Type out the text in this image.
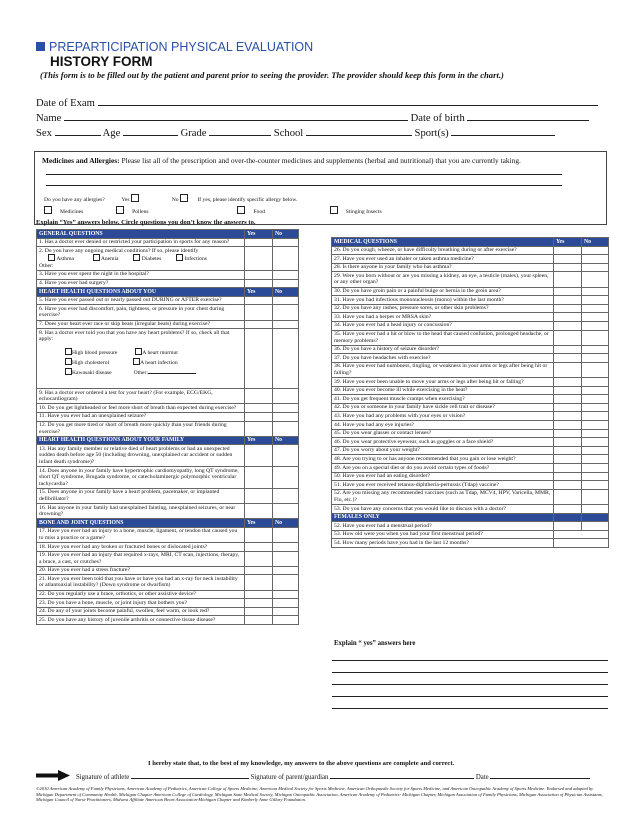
PREPARTICIPATION PHYSICAL EVALUATION
HISTORY FORM
(This form is to be filled out by the patient and parent prior to seeing the provider. The provider should keep this form in the chart.)
Date of Exam
Name	Date of birth
Sex	Age	Grade	School	Sport(s)
Medicines and Allergies: Please list all of the prescription and over-the-counter medicines and supplements (herbal and nutritional) that you are currently taking.
Do you have any allergies?	Yes	No	If yes, please identify specific allergy below.
Medicines	Pollens	Food	Stinging Insects
Explain “Yes” answers below. Circle questions you don’t know the answers to.
GENERAL QUESTIONS	Yes	No
1. Has a doctor ever denied or restricted your participation in sports for any reason?		

2. Do you have any ongoing medical conditions? If so, please identify
Asthma Anemia Diabetes Infections
Other:		

3. Have you ever spent the night in the hospital?		
4. Have you ever had surgery?		
HEART HEALTH QUESTIONS ABOUT YOU	Yes	No
5. Have you ever passed out or nearly passed out DURING or AFTER exercise?		
6. Have you ever had discomfort, pain, tightness, or pressure in your chest during exercise?		
7. Does your heart ever race or skip beats (irregular beats) during exercise?		

8. Has a doctor ever told you that you have any heart problems? If so, check all that apply:
High blood pressure A heart murmur
High cholesterol A heart infection
Kawasaki disease Other:		

9. Has a doctor ever ordered a test for your heart? (For example, ECG/EKG, echocardiogram)		
10. Do you get lightheaded or feel more short of breath than expected during exercise?		
11. Have you ever had an unexplained seizure?		
12. Do you get more tired or short of breath more quickly than your friends during exercise?		
HEART HEALTH QUESTIONS ABOUT YOUR FAMILY	Yes	No
13. Has any family member or relative died of heart problems or had an unexpected sudden death before age 50 (including drowning, unexplained car accident or sudden infant death syndrome)?		
14. Does anyone in your family have hypertrophic cardiomyopathy, long QT syndrome, short QT syndrome, Brugada syndrome, or catecholaminergic polymorphic ventricular tachycardia?		
15. Does anyone in your family have a heart problem, pacemaker, or implanted defibrillator?		
16. Has anyone in your family had unexplained fainting, unexplained seizures, or near drowning?		
BONE AND JOINT QUESTIONS	Yes	No
17. Have you ever had an injury to a bone, muscle, ligament, or tendon that caused you to miss a practice or a game?		
18. Have you ever had any broken or fractured bones or dislocated joints?		
19. Have you ever had an injury that required x-rays, MRI, CT scan, injections, therapy, a brace, a cast, or crutches?		
20. Have you ever had a stress fracture?		
21. Have you ever been told that you have or have you had an x-ray for neck instability or atlantoaxial instability? (Down syndrome or dwarfism)		
22. Do you regularly use a brace, orthotics, or other assistive device?		
23. Do you have a bone, muscle, or joint injury that bothers you?		
24. Do any of your joints become painful, swollen, feel warm, or look red?		
25. Do you have any history of juvenile arthritis or connective tissue disease?		
MEDICAL QUESTIONS	Yes	No
26. Do you cough, wheeze, or have difficulty breathing during or after exercise?		
27. Have you ever used an inhaler or taken asthma medicine?		
28. Is there anyone in your family who has asthma?		
29. Were you born without or are you missing a kidney, an eye, a testicle (males), your spleen, or any other organ?		
30. Do you have groin pain or a painful bulge or hernia in the groin area?		
31. Have you had infectious mononucleosis (mono) within the last month?		
32. Do you have any rashes, pressure sores, or other skin problems?		
33. Have you had a herpes or MRSA skin?		
34. Have you ever had a head injury or concussion?		
35. Have you ever had a hit or blow to the head that caused confusion, prolonged headache, or memory problems?		
36. Do you have a history of seizure disorder?		
37. Do you have headaches with exercise?		
38. Have you ever had numbness, tingling, or weakness in your arms or legs after being hit or falling?		
39. Have you ever been unable to move your arms or legs after being hit or falling?		
40. Have you ever become ill while exercising in the heat?		
41. Do you get frequent muscle cramps when exercising?		
42. Do you or someone in your family have sickle cell trait or disease?		
43. Have you had any problems with your eyes or vision?		
44. Have you had any eye injuries?		
45. Do you wear glasses or contact lenses?		
46. Do you wear protective eyewear, such as goggles or a face shield?		
47. Do you worry about your weight?		
48. Are you trying to or has anyone recommended that you gain or lose weight?		
49. Are you on a special diet or do you avoid certain types of foods?		
50. Have you ever had an eating disorder?		
51. Have you ever received tetanus-diphtheria-pertussis (Tdap) vaccine?		
52. Are you missing any recommended vaccines (such as Tdap, MCV4, HPV, Varicella, MMR, Flu, etc.)?		
53. Do you have any concerns that you would like to discuss with a doctor?		
FEMALES ONLY		
52. Have you ever had a menstrual period?		
53. How old were you when you had your first menstrual period?		
54. How many periods have you had in the last 12 months?		
Explain “ yes” answers here
I hereby state that, to the best of my knowledge, my answers to the above questions are complete and correct.
Signature of athlete	Signature of parent/guardian	Date
©2010 American Academy of Family Physicians, American Academy of Pediatrics, American College of Sports Medicine, American Medical Society for Sports Medicine, American Orthopaedic Society for Sports Medicine, and American Osteopathic Academy of Sports Medicine. Endorsed and adapted by Michigan Department of Community Health, Michigan Chapter American College of Cardiology, Michigan State Medical Society, Michigan Osteopathic Association, American Academy of Pediatrics- Michigan Chapter, Michigan Association of Family Physicians, Michigan Association of Physician Assistants, Michigan Council of Nurse Practitioners, Midwest Affiliate American Heart Association-Michigan Chapter and Kimberly Anne Gillary Foundation.
